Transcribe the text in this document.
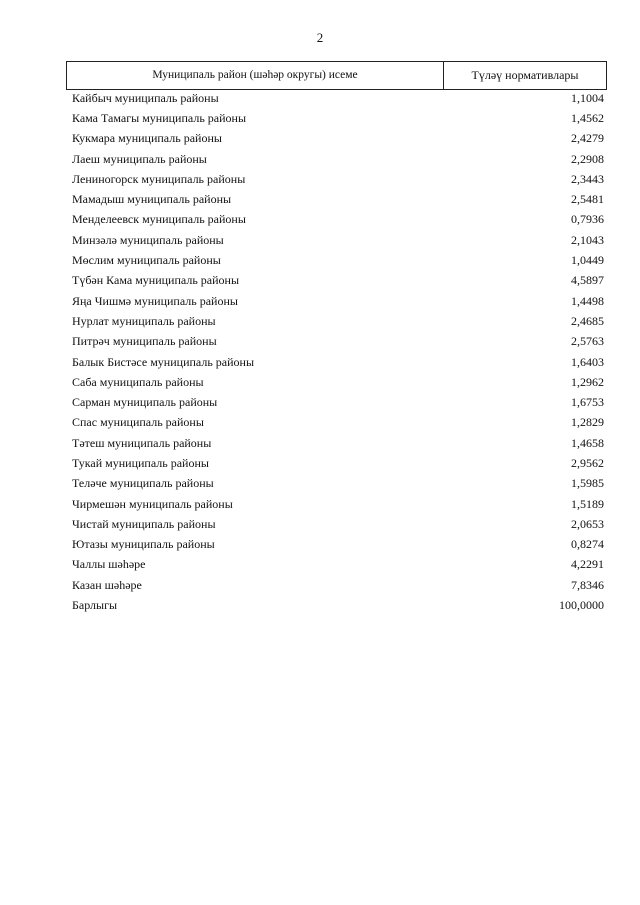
2
Муниципаль район (шәһәр округы) исеме	Түләү нормативлары
Кайбыч муниципаль районы	1,1004
Кама Тамагы муниципаль районы	1,4562
Кукмара муниципаль районы	2,4279
Лаеш муниципаль районы	2,2908
Лениногорск муниципаль районы	2,3443
Мамадыш муниципаль районы	2,5481
Менделеевск муниципаль районы	0,7936
Минзәлә муниципаль районы	2,1043
Мөслим муниципаль районы	1,0449
Түбән Кама муниципаль районы	4,5897
Яңа Чишмә муниципаль районы	1,4498
Нурлат муниципаль районы	2,4685
Питрәч муниципаль районы	2,5763
Балык Бистәсе муниципаль районы	1,6403
Саба муниципаль районы	1,2962
Сарман муниципаль районы	1,6753
Спас муниципаль районы	1,2829
Тәтеш муниципаль районы	1,4658
Тукай муниципаль районы	2,9562
Теләче муниципаль районы	1,5985
Чирмешән муниципаль районы	1,5189
Чистай муниципаль районы	2,0653
Ютазы муниципаль районы	0,8274
Чаллы шәһәре	4,2291
Казан шәһәре	7,8346
Барлыгы	100,0000
